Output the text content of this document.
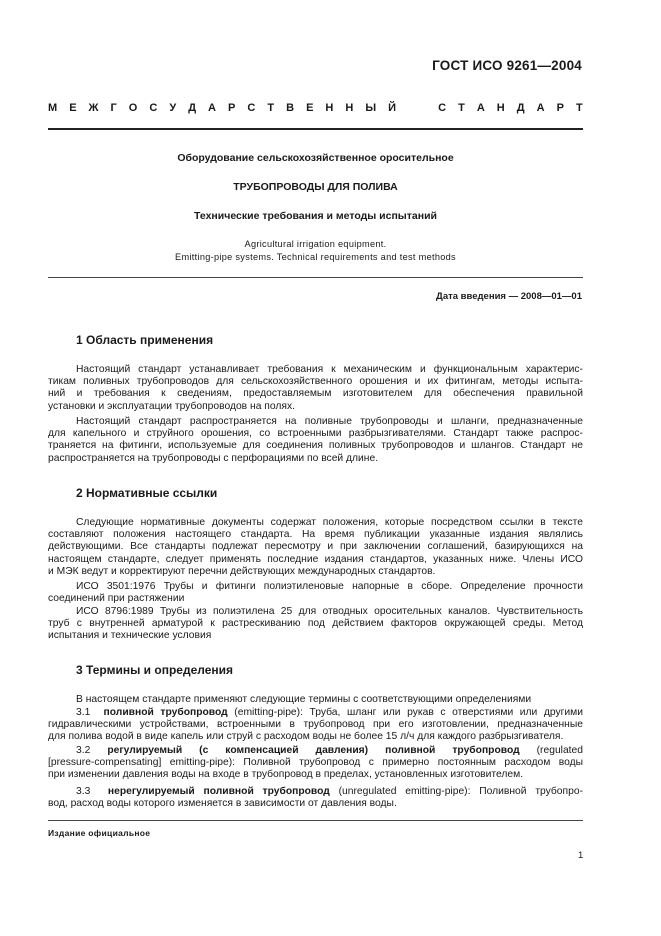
ГОСТ ИСО 9261—2004
М Е Ж Г О С У Д А Р С Т В Е Н Н Ы Й	С Т А Н Д А Р Т
Оборудование сельскохозяйственное оросительное
ТРУБОПРОВОДЫ ДЛЯ ПОЛИВА
Технические требования и методы испытаний
Agricultural irrigation equipment.
Emitting-pipe systems. Technical requirements and test methods
Дата введения — 2008—01—01
1 Область применения
Настоящий стандарт устанавливает требования к механическим и функциональным характерис-
тикам поливных трубопроводов для сельскохозяйственного орошения и их фитингам, методы испыта-
ний и требования к сведениям, предоставляемым изготовителем для обеспечения правильной
установки и эксплуатации трубопроводов на полях.
Настоящий стандарт распространяется на поливные трубопроводы и шланги, предназначенные
для капельного и струйного орошения, со встроенными разбрызгивателями. Стандарт также распрос-
траняется на фитинги, используемые для соединения поливных трубопроводов и шлангов. Стандарт не
распространяется на трубопроводы с перфорациями по всей длине.
2 Нормативные ссылки
Следующие нормативные документы содержат положения, которые посредством ссылки в тексте
составляют положения настоящего стандарта. На время публикации указанные издания являлись
действующими. Все стандарты подлежат пересмотру и при заключении соглашений, базирующихся на
настоящем стандарте, следует применять последние издания стандартов, указанных ниже. Члены ИСО
и МЭК ведут и корректируют перечни действующих международных стандартов.
ИСО 3501:1976 Трубы и фитинги полиэтиленовые напорные в сборе. Определение прочности
соединений при растяжении
ИСО 8796:1989 Трубы из полиэтилена 25 для отводных оросительных каналов. Чувствительность
труб с внутренней арматурой к растрескиванию под действием факторов окружающей среды. Метод
испытания и технические условия
3 Термины и определения
В настоящем стандарте применяют следующие термины с соответствующими определениями
3.1 поливной трубопровод (emitting-pipe): Труба, шланг или рукав с отверстиями или другими
гидравлическими устройствами, встроенными в трубопровод при его изготовлении, предназначенные
для полива водой в виде капель или струй с расходом воды не более 15 л/ч для каждого разбрызгивателя.
3.2 регулируемый (с компенсацией давления) поливной трубопровод (regulated
[pressure-compensating] emitting-pipe): Поливной трубопровод с примерно постоянным расходом воды
при изменении давления воды на входе в трубопровод в пределах, установленных изготовителем.
3.3 нерегулируемый поливной трубопровод (unregulated emitting-pipe): Поливной трубопро-
вод, расход воды которого изменяется в зависимости от давления воды.
Издание официальное
1
